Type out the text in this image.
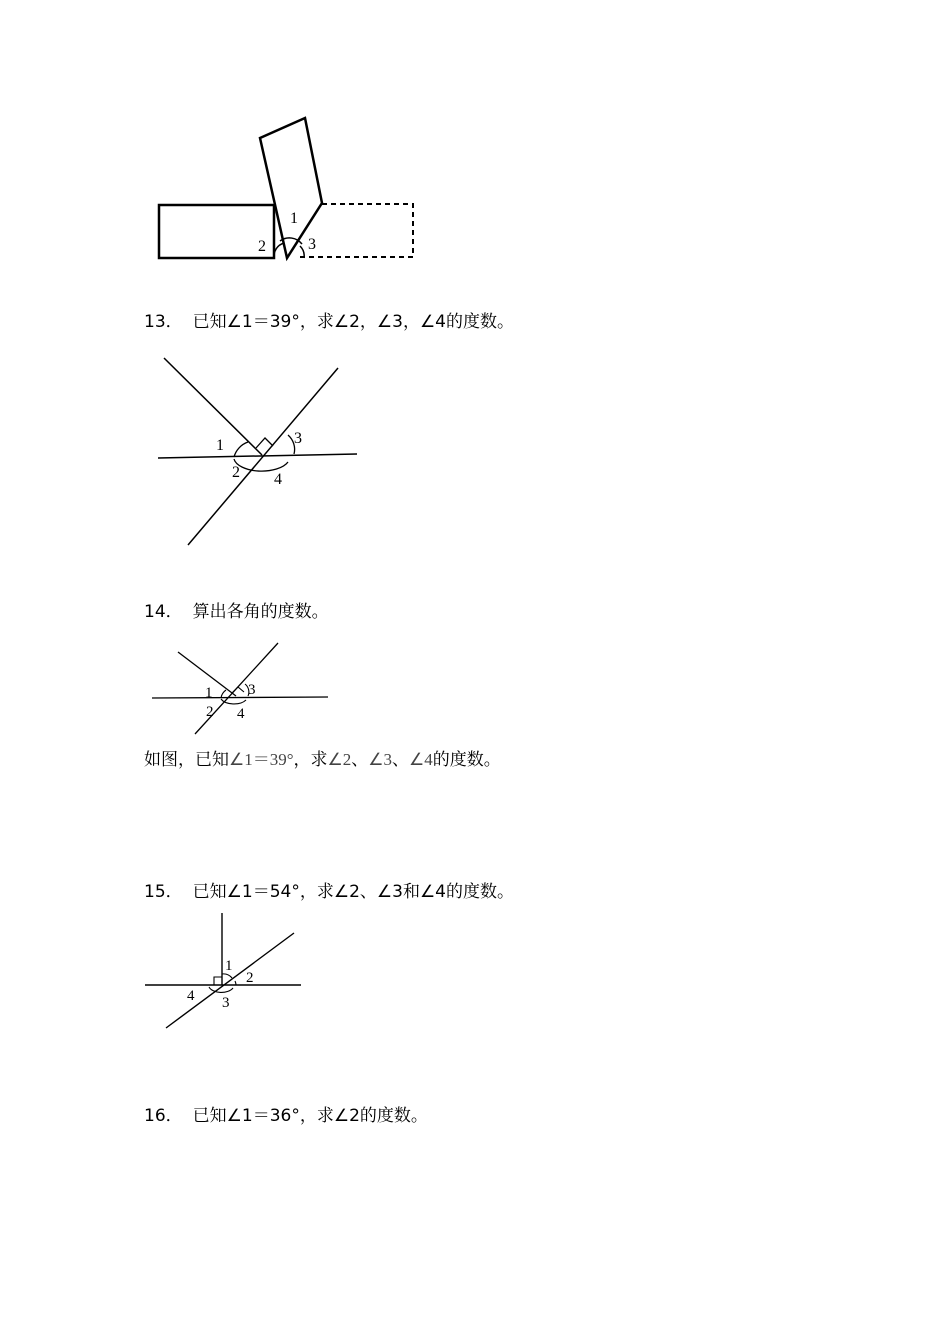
1
2	3
13． 已知∠1＝39°，求∠2，∠3，∠4的度数。
1
2
3
4
14． 算出各角的度数。
1
2
3
4
如图，已知∠1＝39°，求∠2、∠3、∠4的度数。
15． 已知∠1＝54°，求∠2、∠3和∠4的度数。
1
2
3
4
16． 已知∠1＝36°，求∠2的度数。
